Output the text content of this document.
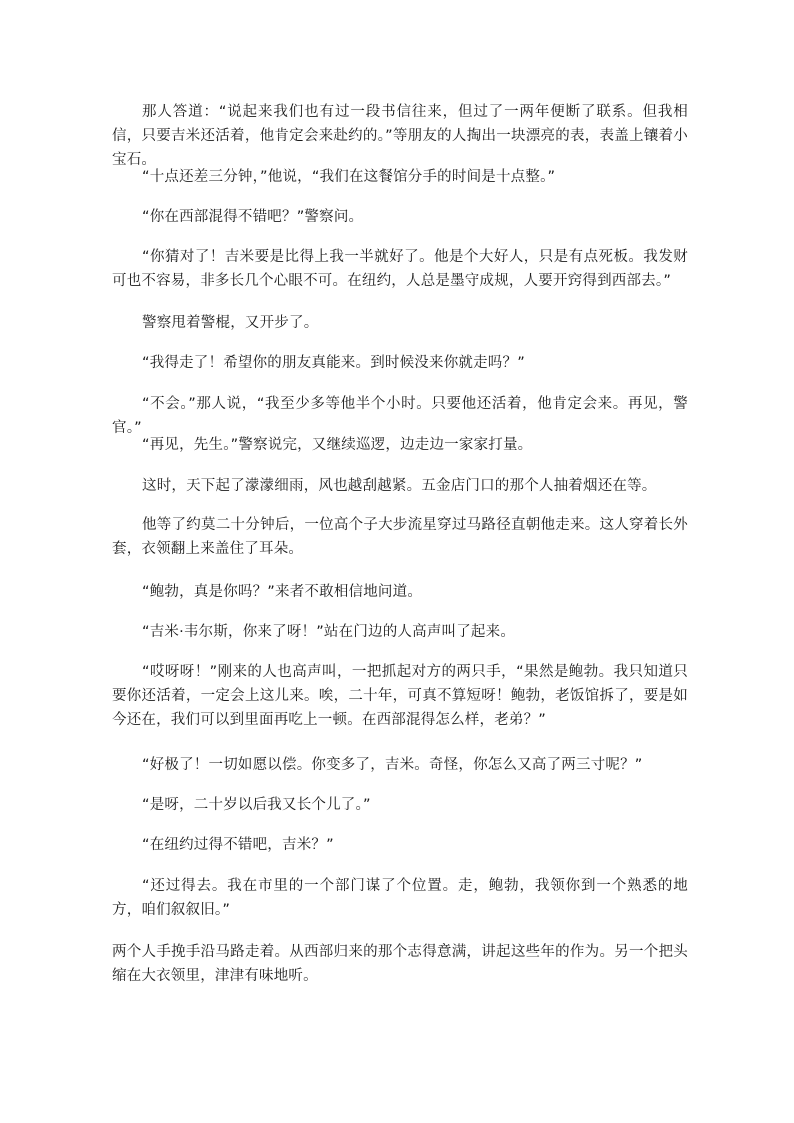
那人答道：“说起来我们也有过一段书信往来，但过了一两年便断了联系。但我相信，只要吉米还活着，他肯定会来赴约的。”等朋友的人掏出一块漂亮的表，表盖上镶着小宝石。

“十点还差三分钟，”他说，“我们在这餐馆分手的时间是十点整。”

“你在西部混得不错吧？”警察问。

“你猜对了！吉米要是比得上我一半就好了。他是个大好人，只是有点死板。我发财可也不容易，非多长几个心眼不可。在纽约，人总是墨守成规，人要开窍得到西部去。”

警察甩着警棍，又开步了。

“我得走了！希望你的朋友真能来。到时候没来你就走吗？”

“不会。”那人说，“我至少多等他半个小时。只要他还活着，他肯定会来。再见，警官。”

“再见，先生。”警察说完，又继续巡逻，边走边一家家打量。

这时，天下起了濛濛细雨，风也越刮越紧。五金店门口的那个人抽着烟还在等。

他等了约莫二十分钟后，一位高个子大步流星穿过马路径直朝他走来。这人穿着长外套，衣领翻上来盖住了耳朵。

“鲍勃，真是你吗？”来者不敢相信地问道。

“吉米·韦尔斯，你来了呀！”站在门边的人高声叫了起来。

“哎呀呀！”刚来的人也高声叫，一把抓起对方的两只手，“果然是鲍勃。我只知道只要你还活着，一定会上这儿来。唉，二十年，可真不算短呀！鲍勃，老饭馆拆了，要是如今还在，我们可以到里面再吃上一顿。在西部混得怎么样，老弟？”

“好极了！一切如愿以偿。你变多了，吉米。奇怪，你怎么又高了两三寸呢？”

“是呀，二十岁以后我又长个儿了。”

“在纽约过得不错吧，吉米？”

“还过得去。我在市里的一个部门谋了个位置。走，鲍勃，我领你到一个熟悉的地方，咱们叙叙旧。”

两个人手挽手沿马路走着。从西部归来的那个志得意满，讲起这些年的作为。另一个把头缩在大衣领里，津津有味地听。
